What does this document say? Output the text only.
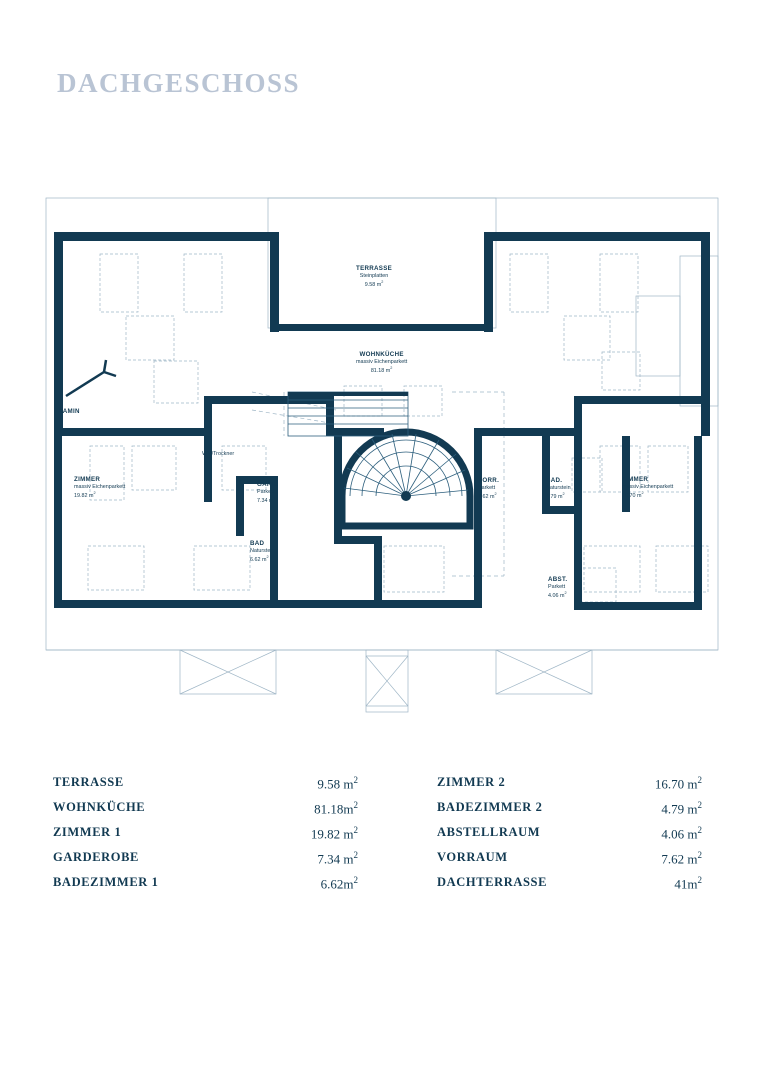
DACHGESCHOSS
TERRASSE
Steinplatten
9.58 $m^2$
WOHNKÜCHE
massiv Eichenparkett
81.18 $m^2$
KAMIN
WM/Trockner
ZIMMER
massiv Eichenparkett
19.82 $m^2$
GARD.
Parkett
7.34 $m^2$
BAD
Naturstein
6.62 $m^2$
VORR.
Parkett
7.62 $m^2$
BAD.
Naturstein
4.79 $m^2$
ABST.
Parkett
4.06 $m^2$
ZIMMER
massiv Eichenparkett
16.70 $m^2$
TERRASSE	9.58 $m^2$
WOHNKÜCHE	$81.18m^2$
ZIMMER 1	19.82 $m^2$
GARDEROBE	7.34 $m^2$
BADEZIMMER 1	$6.62m^2$
ZIMMER 2	16.70 $m^2$
BADEZIMMER 2	4.79 $m^2$
ABSTELLRAUM	4.06 $m^2$
VORRAUM	7.62 $m^2$
DACHTERRASSE	$41m^2$
